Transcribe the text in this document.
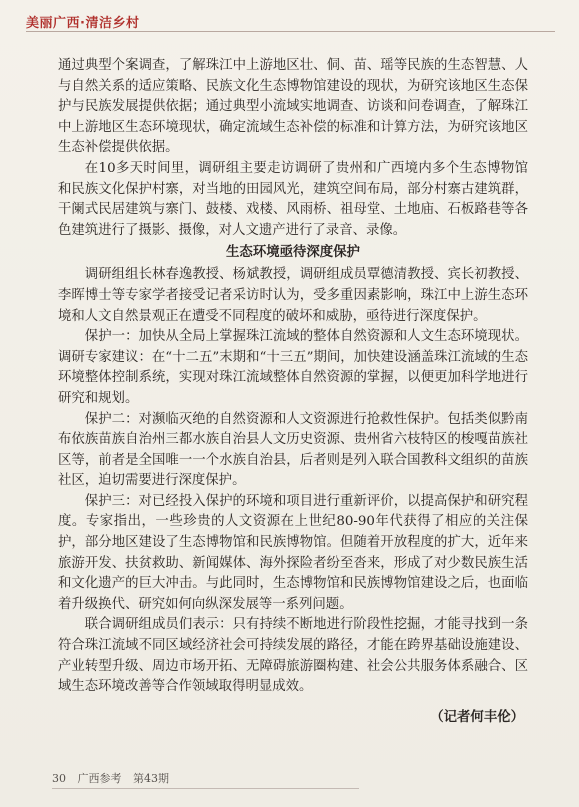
美丽广西·清洁乡村

通过典型个案调查，了解珠江中上游地区壮、侗、苗、瑶等民族的生态智慧、人与自然关系的适应策略、民族文化生态博物馆建设的现状，为研究该地区生态保护与民族发展提供依据；通过典型小流域实地调查、访谈和问卷调查，了解珠江中上游地区生态环境现状，确定流域生态补偿的标准和计算方法，为研究该地区生态补偿提供依据。

在10多天时间里，调研组主要走访调研了贵州和广西境内多个生态博物馆和民族文化保护村寨，对当地的田园风光，建筑空间布局，部分村寨古建筑群，干阑式民居建筑与寨门、鼓楼、戏楼、风雨桥、祖母堂、土地庙、石板路巷等各色建筑进行了摄影、摄像，对人文遗产进行了录音、录像。

生态环境亟待深度保护

调研组组长林春逸教授、杨斌教授，调研组成员覃德清教授、宾长初教授、李晖博士等专家学者接受记者采访时认为，受多重因素影响，珠江中上游生态环境和人文自然景观正在遭受不同程度的破坏和威胁，亟待进行深度保护。

保护一：加快从全局上掌握珠江流域的整体自然资源和人文生态环境现状。调研专家建议：在“十二五”末期和“十三五”期间，加快建设涵盖珠江流域的生态环境整体控制系统，实现对珠江流域整体自然资源的掌握，以便更加科学地进行研究和规划。

保护二：对濒临灭绝的自然资源和人文资源进行抢救性保护。包括类似黔南布依族苗族自治州三都水族自治县人文历史资源、贵州省六枝特区的梭嘎苗族社区等，前者是全国唯一一个水族自治县，后者则是列入联合国教科文组织的苗族社区，迫切需要进行深度保护。

保护三：对已经投入保护的环境和项目进行重新评价，以提高保护和研究程度。专家指出，一些珍贵的人文资源在上世纪80-90年代获得了相应的关注保护，部分地区建设了生态博物馆和民族博物馆。但随着开放程度的扩大，近年来旅游开发、扶贫救助、新闻媒体、海外探险者纷至沓来，形成了对少数民族生活和文化遗产的巨大冲击。与此同时，生态博物馆和民族博物馆建设之后，也面临着升级换代、研究如何向纵深发展等一系列问题。

联合调研组成员们表示：只有持续不断地进行阶段性挖掘，才能寻找到一条符合珠江流域不同区域经济社会可持续发展的路径，才能在跨界基础设施建设、产业转型升级、周边市场开拓、无障碍旅游圈构建、社会公共服务体系融合、区域生态环境改善等合作领域取得明显成效。

（记者何丰伦）
30 广西参考 第43期
